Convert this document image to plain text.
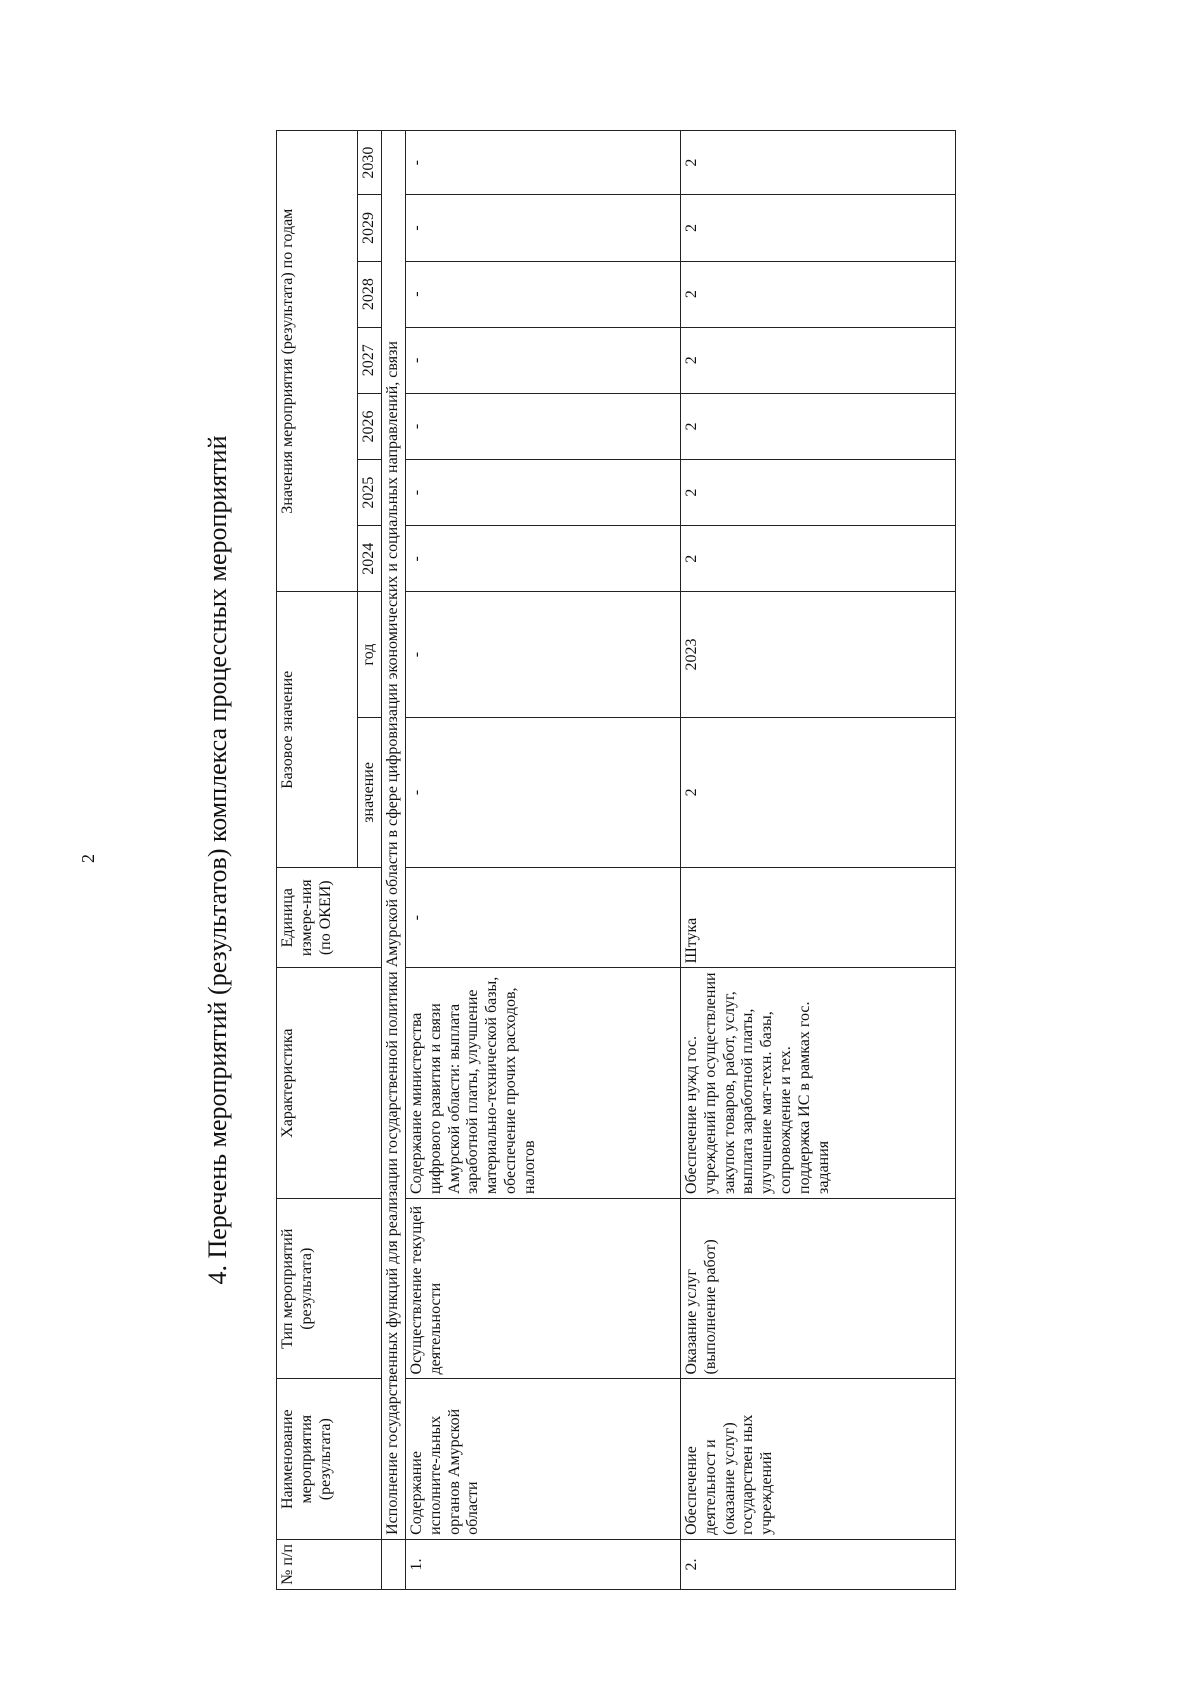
2	4. Перечень мероприятий (результатов) комплекса процессных мероприятий
№ п/п	Наименование мероприятия (результата)	Тип мероприятий (результата)	Характеристика	Единица измере-ния (по ОКЕИ)	Базовое значение		Значения мероприятия (результата) по годам						
					значение	год	2024	2025	2026	2027	2028	2029	2030
	Исполнение государственных функций для реализации государственной политики Амурской области в сфере цифровизации экономических и социальных направлений, связи												
1.	Содержание исполните-льных органов Амурской области	Осуществление текущей деятельности	Содержание министерства цифрового развития и связи Амурской области: выплата заработной платы, улучшение материально-технической базы, обеспечение прочих расходов, налогов	-	-	-	-	-	-	-	-	-	-
2.	Обеспечение деятельност и (оказание услуг) государствен ных учреждений	Оказание услуг (выполнение работ)	Обеспечение нужд гос. учреждений при осуществлении закупок товаров, работ, услуг, выплата заработной платы, улучшение мат-техн. базы, сопровождение и тех. поддержка ИС в рамках гос. задания	Штука	2	2023	2	2	2	2	2	2	2
